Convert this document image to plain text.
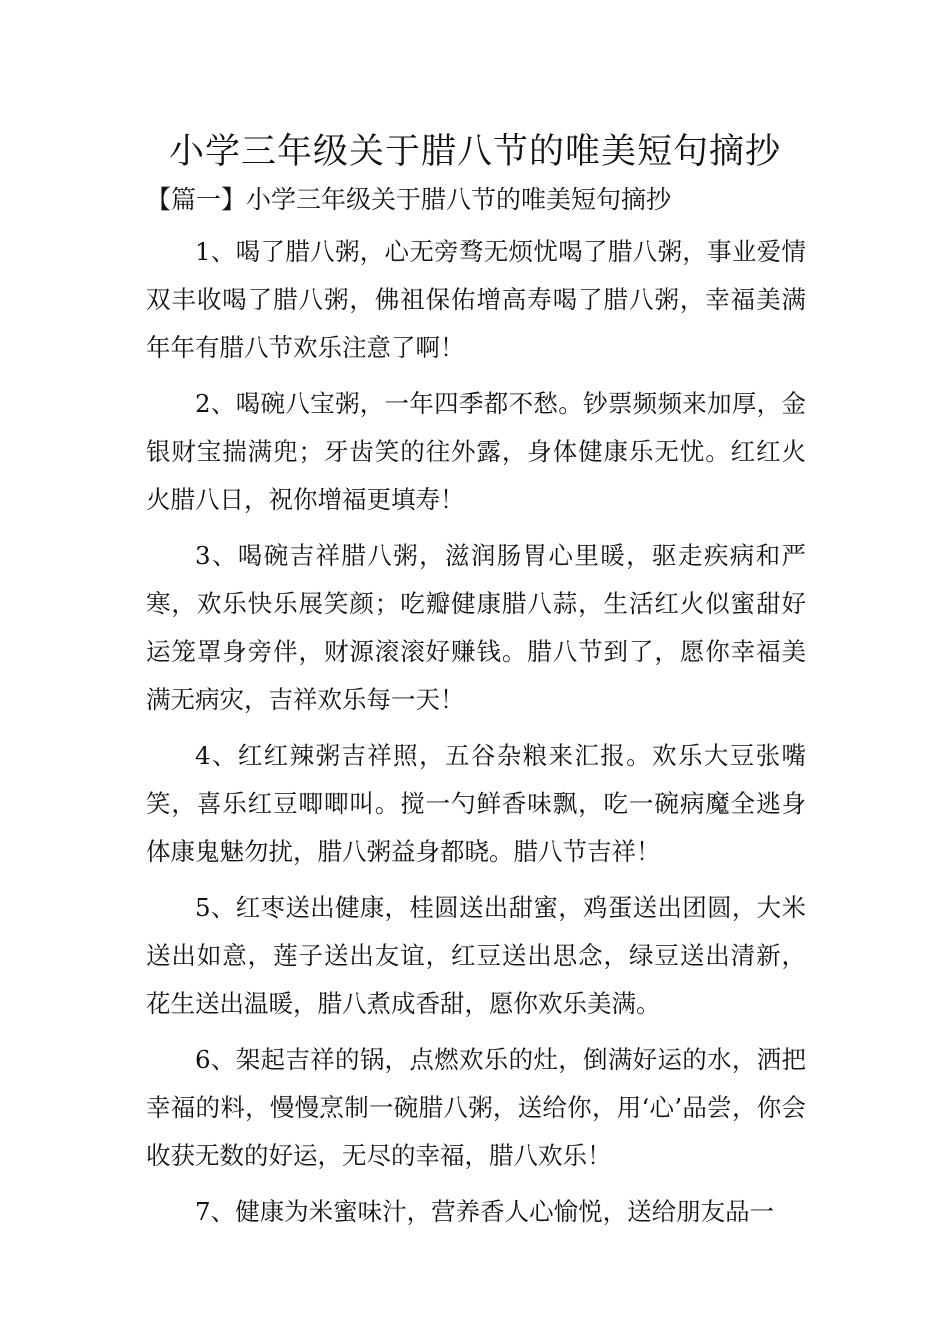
小学三年级关于腊八节的唯美短句摘抄

【篇一】小学三年级关于腊八节的唯美短句摘抄

1、喝了腊八粥，心无旁骛无烦忧喝了腊八粥，事业爱情双丰收喝了腊八粥，佛祖保佑增高寿喝了腊八粥，幸福美满年年有腊八节欢乐注意了啊！

2、喝碗八宝粥，一年四季都不愁。钞票频频来加厚，金银财宝揣满兜；牙齿笑的往外露，身体健康乐无忧。红红火火腊八日，祝你增福更填寿！

3、喝碗吉祥腊八粥，滋润肠胃心里暖，驱走疾病和严寒，欢乐快乐展笑颜；吃瓣健康腊八蒜，生活红火似蜜甜好运笼罩身旁伴，财源滚滚好赚钱。腊八节到了，愿你幸福美满无病灾，吉祥欢乐每一天！

4、红红辣粥吉祥照，五谷杂粮来汇报。欢乐大豆张嘴笑，喜乐红豆唧唧叫。搅一勺鲜香味飘，吃一碗病魔全逃身体康鬼魅勿扰，腊八粥益身都晓。腊八节吉祥！

5、红枣送出健康，桂圆送出甜蜜，鸡蛋送出团圆，大米送出如意，莲子送出友谊，红豆送出思念，绿豆送出清新，花生送出温暖，腊八煮成香甜，愿你欢乐美满。

6、架起吉祥的锅，点燃欢乐的灶，倒满好运的水，洒把幸福的料，慢慢烹制一碗腊八粥，送给你，用‘心’品尝，你会收获无数的好运，无尽的幸福，腊八欢乐！

7、健康为米蜜味汁，营养香人心愉悦，送给朋友品一
